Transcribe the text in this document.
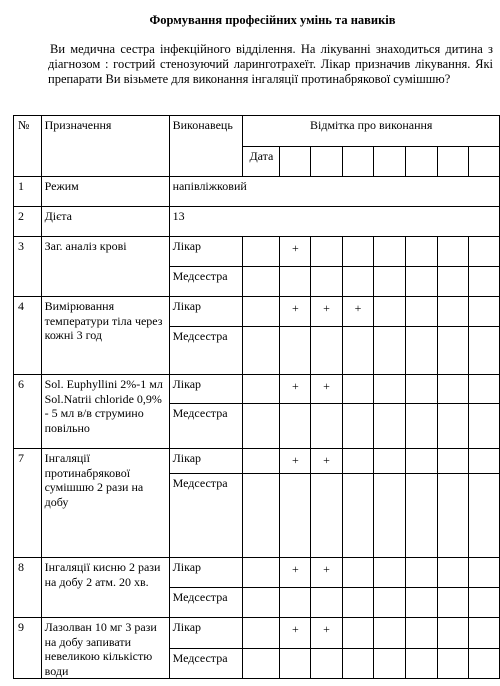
Формування професійних умінь та навиків
Ви медична сестра інфекційного відділення. На лікуванні знаходиться дитина з діагнозом : гострий стенозуючий ларинготрахеїт. Лікар призначив лікування. Які препарати Ви візьмете для виконання інгаляції протинабрякової сумішшю?
№	Призначення	Виконавець	Відмітка про виконання							
			Дата							
1	Режим	напівліжковий								
2	Дієта	13								
3	Заг. аналіз крові	Лікар		+						
		Медсестра								
4	Вимірювання температури тіла через кожні 3 год	Лікар		+	+	+				
		Медсестра								
6	Sol. Euphyllini 2%-1 мл Sol.Natrii chloride 0,9% - 5 мл в/в струмино повільно	Лікар		+	+					
		Медсестра								
7	Інгаляції протинабрякової сумішшю 2 рази на добу	Лікар		+	+					
		Медсестра								
8	Інгаляції кисню 2 рази на добу 2 атм. 20 хв.	Лікар		+	+					
		Медсестра								
9	Лазолван 10 мг 3 рази на добу запивати невеликою кількістю води	Лікар		+	+					
		Медсестра								
